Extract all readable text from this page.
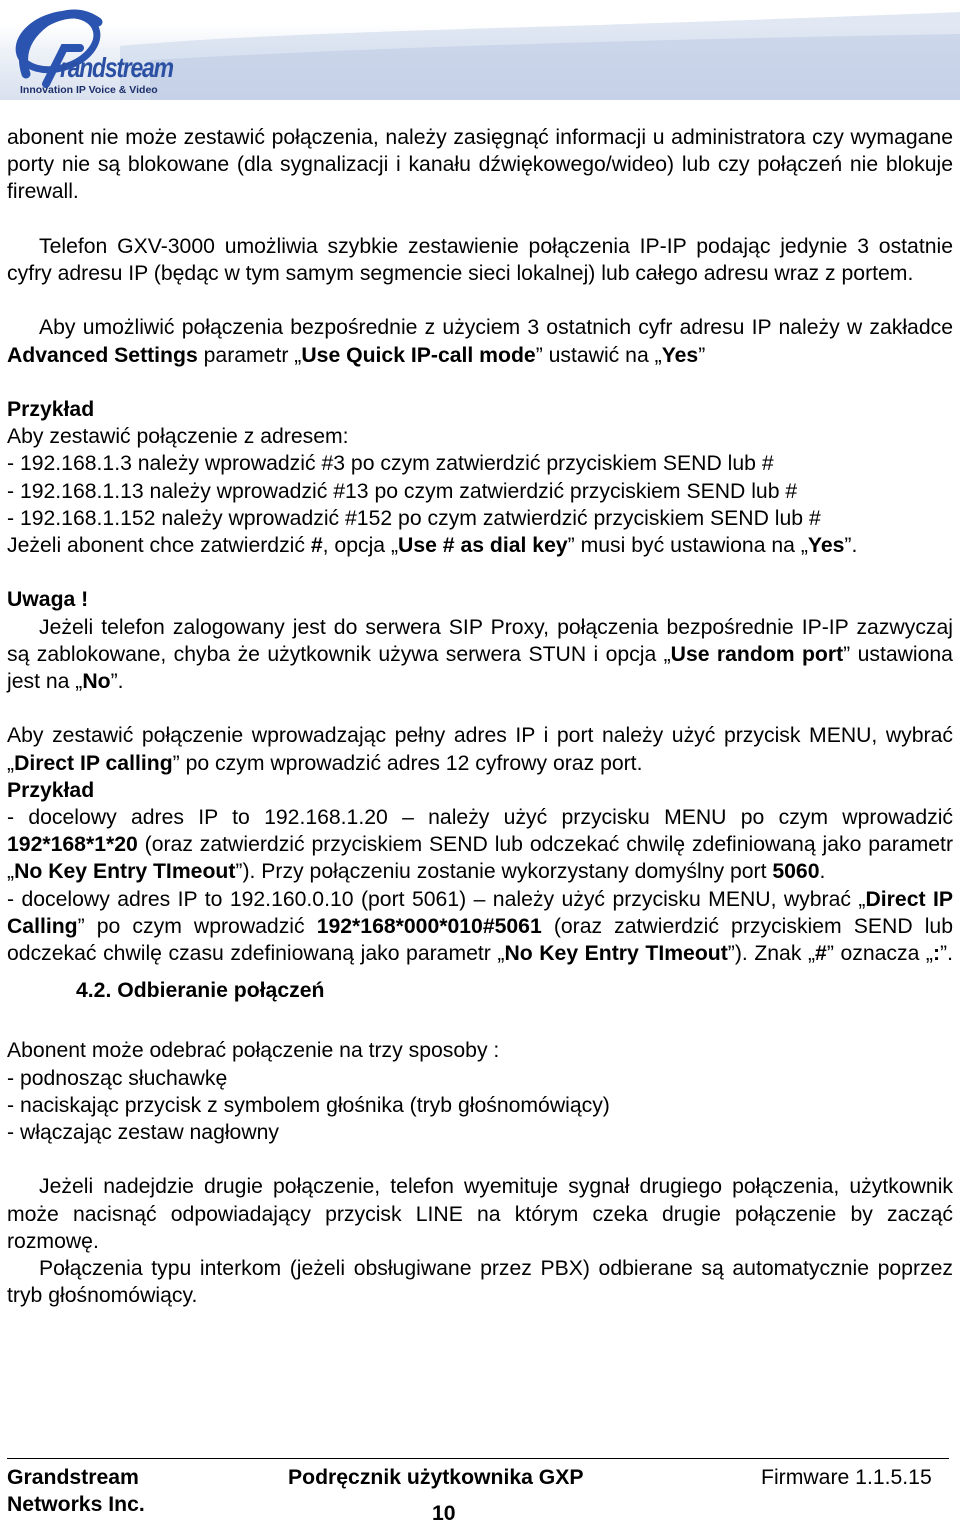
randstream
Innovation IP Voice & Video

abonent nie może zestawić połączenia, należy zasięgnąć informacji u administratora czy wymagane porty nie są blokowane (dla sygnalizacji i kanału dźwiękowego/wideo) lub czy połączeń nie blokuje firewall.

Telefon GXV-3000 umożliwia szybkie zestawienie połączenia IP-IP podając jedynie 3 ostatnie cyfry adresu IP (będąc w tym samym segmencie sieci lokalnej) lub całego adresu wraz z portem.

Aby umożliwić połączenia bezpośrednie z użyciem 3 ostatnich cyfr adresu IP należy w zakładce Advanced Settings parametr „Use Quick IP-call mode” ustawić na „Yes”

Przykład

Aby zestawić połączenie z adresem:

- 192.168.1.3 należy wprowadzić #3 po czym zatwierdzić przyciskiem SEND lub #

- 192.168.1.13 należy wprowadzić #13 po czym zatwierdzić przyciskiem SEND lub #

- 192.168.1.152 należy wprowadzić #152 po czym zatwierdzić przyciskiem SEND lub #

Jeżeli abonent chce zatwierdzić #, opcja „Use # as dial key” musi być ustawiona na „Yes”.

Uwaga !

Jeżeli telefon zalogowany jest do serwera SIP Proxy, połączenia bezpośrednie IP-IP zazwyczaj są zablokowane, chyba że użytkownik używa serwera STUN i opcja „Use random port” ustawiona jest na „No”.

Aby zestawić połączenie wprowadzając pełny adres IP i port należy użyć przycisk MENU, wybrać „Direct IP calling” po czym wprowadzić adres 12 cyfrowy oraz port.

Przykład

- docelowy adres IP to 192.168.1.20 – należy użyć przycisku MENU po czym wprowadzić 192*168*1*20 (oraz zatwierdzić przyciskiem SEND lub odczekać chwilę zdefiniowaną jako parametr „No Key Entry TImeout”). Przy połączeniu zostanie wykorzystany domyślny port 5060.

- docelowy adres IP to 192.160.0.10 (port 5061) – należy użyć przycisku MENU, wybrać „Direct IP Calling” po czym wprowadzić 192*168*000*010#5061 (oraz zatwierdzić przyciskiem SEND lub odczekać chwilę czasu zdefiniowaną jako parametr „No Key Entry TImeout”). Znak „#” oznacza „:”.

4.2. Odbieranie połączeń

Abonent może odebrać połączenie na trzy sposoby :

- podnosząc słuchawkę

- naciskając przycisk z symbolem głośnika (tryb głośnomówiący)

- włączając zestaw nagłowny

Jeżeli nadejdzie drugie połączenie, telefon wyemituje sygnał drugiego połączenia, użytkownik może nacisnąć odpowiadający przycisk LINE na którym czeka drugie połączenie by zacząć rozmowę.

Połączenia typu interkom (jeżeli obsługiwane przez PBX) odbierane są automatycznie poprzez tryb głośnomówiący.

Grandstream
Networks Inc.
Podręcznik użytkownika GXP
10
Firmware 1.1.5.15
